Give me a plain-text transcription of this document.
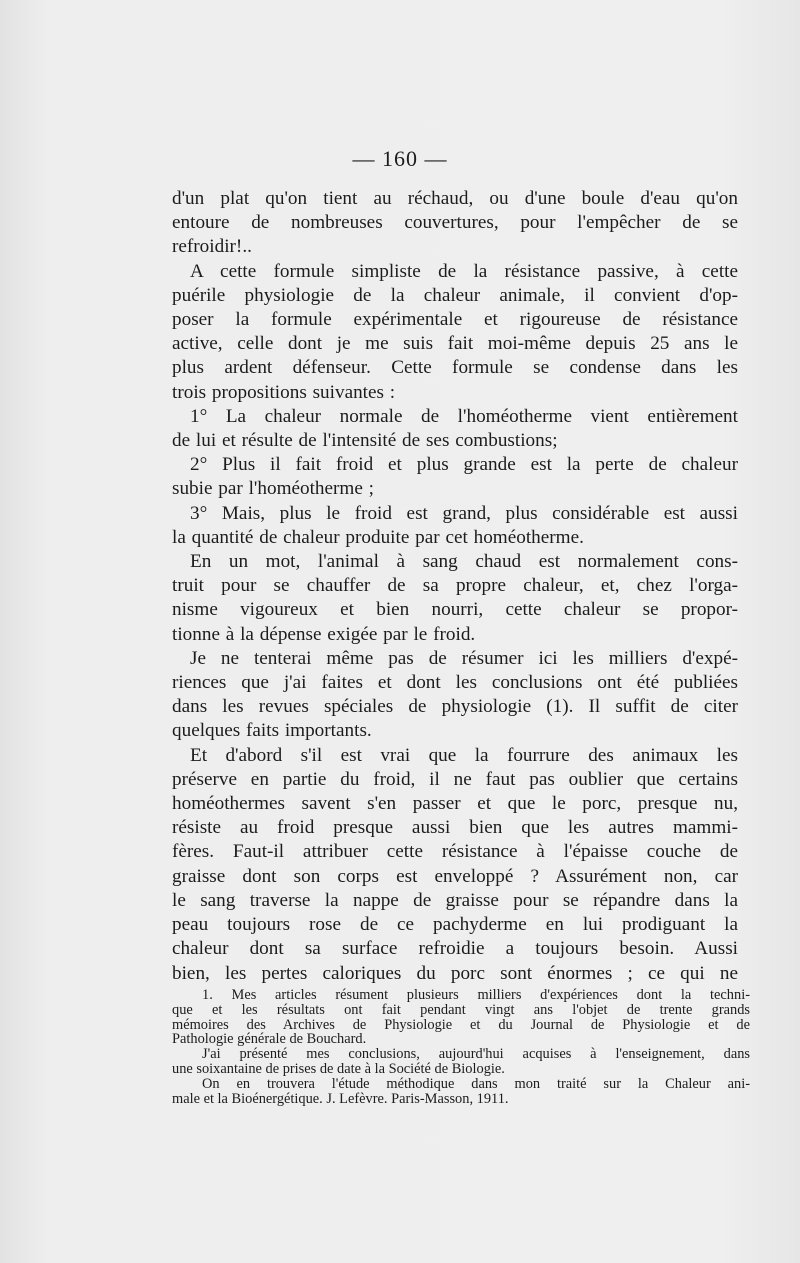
— 160 —
d'un plat qu'on tient au réchaud, ou d'une boule d'eau qu'on
entoure de nombreuses couvertures, pour l'empêcher de se
refroidir!..
A cette formule simpliste de la résistance passive, à cette
puérile physiologie de la chaleur animale, il convient d'op-
poser la formule expérimentale et rigoureuse de résistance
active, celle dont je me suis fait moi-même depuis 25 ans le
plus ardent défenseur. Cette formule se condense dans les
trois propositions suivantes :
1° La chaleur normale de l'homéotherme vient entièrement
de lui et résulte de l'intensité de ses combustions;
2° Plus il fait froid et plus grande est la perte de chaleur
subie par l'homéotherme ;
3° Mais, plus le froid est grand, plus considérable est aussi
la quantité de chaleur produite par cet homéotherme.
En un mot, l'animal à sang chaud est normalement cons-
truit pour se chauffer de sa propre chaleur, et, chez l'orga-
nisme vigoureux et bien nourri, cette chaleur se propor-
tionne à la dépense exigée par le froid.
Je ne tenterai même pas de résumer ici les milliers d'expé-
riences que j'ai faites et dont les conclusions ont été publiées
dans les revues spéciales de physiologie (1). Il suffit de citer
quelques faits importants.
Et d'abord s'il est vrai que la fourrure des animaux les
préserve en partie du froid, il ne faut pas oublier que certains
homéothermes savent s'en passer et que le porc, presque nu,
résiste au froid presque aussi bien que les autres mammi-
fères. Faut-il attribuer cette résistance à l'épaisse couche de
graisse dont son corps est enveloppé ? Assurément non, car
le sang traverse la nappe de graisse pour se répandre dans la
peau toujours rose de ce pachyderme en lui prodiguant la
chaleur dont sa surface refroidie a toujours besoin. Aussi
bien, les pertes caloriques du porc sont énormes ; ce qui ne
1. Mes articles résument plusieurs milliers d'expériences dont la techni-
que et les résultats ont fait pendant vingt ans l'objet de trente grands
mémoires des Archives de Physiologie et du Journal de Physiologie et de
Pathologie générale de Bouchard.
J'ai présenté mes conclusions, aujourd'hui acquises à l'enseignement, dans
une soixantaine de prises de date à la Société de Biologie.
On en trouvera l'étude méthodique dans mon traité sur la Chaleur ani-
male et la Bioénergétique. J. Lefèvre. Paris-Masson, 1911.
